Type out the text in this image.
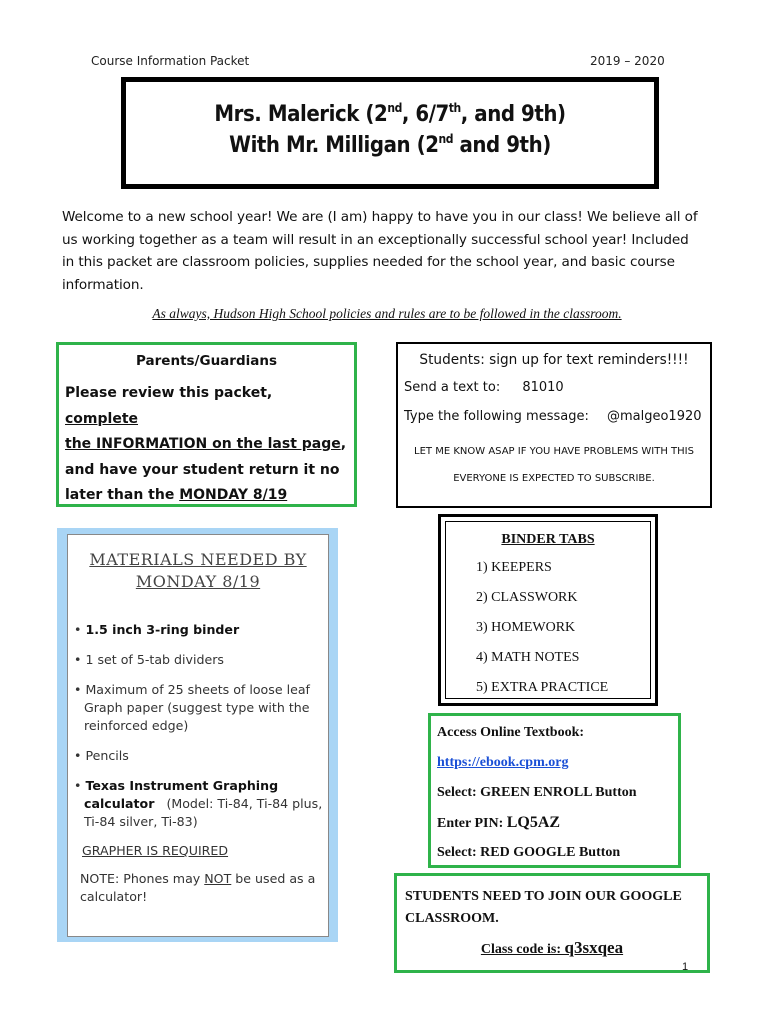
Course Information Packet	2019 – 2020
Mrs. Malerick (2nd, 6/7th, and 9th)
With Mr. Milligan (2nd and 9th)
Welcome to a new school year! We are (I am) happy to have you in our class! We believe all of us working together as a team will result in an exceptionally successful school year! Included in this packet are classroom policies, supplies needed for the school year, and basic course information.
As always, Hudson High School policies and rules are to be followed in the classroom.
Parents/Guardians
Please review this packet, complete
the INFORMATION on the last page,
and have your student return it no
later than the MONDAY 8/19
Students: sign up for text reminders!!!!
Send a text to: 81010
Type the following message: @malgeo1920
LET ME KNOW ASAP IF YOU HAVE PROBLEMS WITH THIS
EVERYONE IS EXPECTED TO SUBSCRIBE.
MATERIALS NEEDED BY
MONDAY 8/19
• 1.5 inch 3-ring binder
• 1 set of 5-tab dividers
• Maximum of 25 sheets of loose leaf
Graph paper (suggest type with the reinforced edge)
• Pencils
• Texas Instrument Graphing
calculator (Model: Ti-84, Ti-84 plus,
Ti-84 silver, Ti-83)
GRAPHER IS REQUIRED
NOTE: Phones may NOT be used as a
calculator!
BINDER TABS
1) KEEPERS
2) CLASSWORK
3) HOMEWORK
4) MATH NOTES
5) EXTRA PRACTICE
Access Online Textbook:
https://ebook.cpm.org
Select: GREEN ENROLL Button
Enter PIN: LQ5AZ
Select: RED GOOGLE Button
STUDENTS NEED TO JOIN OUR GOOGLE CLASSROOM.
Class code is: q3sxqea
1
